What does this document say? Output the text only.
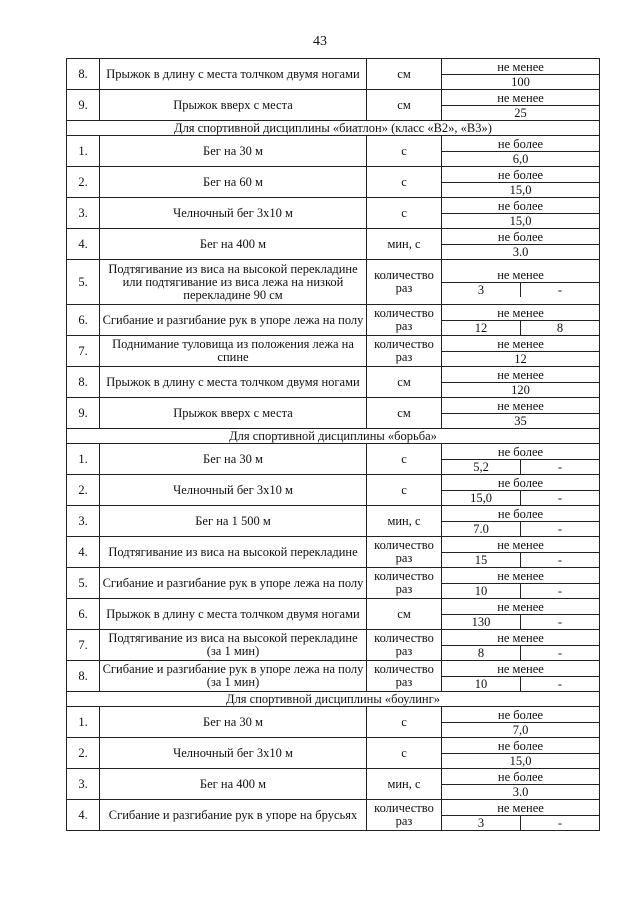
43
8.	Прыжок в длину с места толчком двумя ногами	см	не менее
100

9.	Прыжок вверх с места	см	не менее
25

Для спортивной дисциплины «биатлон» (класс «В2», «В3»)			
1.	Бег на 30 м	с	не более
6,0

2.	Бег на 60 м	с	не более
15,0

3.	Челночный бег 3х10 м	с	не более
15,0

4.	Бег на 400 м	мин, с	не более
3.0

5.	Подтягивание из виса на высокой перекладине или подтягивание из виса лежа на низкой перекладине 90 см	количество раз	не менее
3 -

6.	Сгибание и разгибание рук в упоре лежа на полу	количество раз	не менее
12 8

7.	Поднимание туловища из положения лежа на спине	количество раз	не менее
12

8.	Прыжок в длину с места толчком двумя ногами	см	не менее
120

9.	Прыжок вверх с места	см	не менее
35

Для спортивной дисциплины «борьба»			
1.	Бег на 30 м	с	не более
5,2 -

2.	Челночный бег 3х10 м	с	не более
15,0 -

3.	Бег на 1 500 м	мин, с	не более
7.0 -

4.	Подтягивание из виса на высокой перекладине	количество раз	не менее
15 -

5.	Сгибание и разгибание рук в упоре лежа на полу	количество раз	не менее
10 -

6.	Прыжок в длину с места толчком двумя ногами	см	не менее
130 -

7.	Подтягивание из виса на высокой перекладине (за 1 мин)	количество раз	не менее
8 -

8.	Сгибание и разгибание рук в упоре лежа на полу (за 1 мин)	количество раз	не менее
10 -

Для спортивной дисциплины «боулинг»			
1.	Бег на 30 м	с	не более
7,0

2.	Челночный бег 3х10 м	с	не более
15,0

3.	Бег на 400 м	мин, с	не более
3.0

4.	Сгибание и разгибание рук в упоре на брусьях	количество раз	не менее
3 -
